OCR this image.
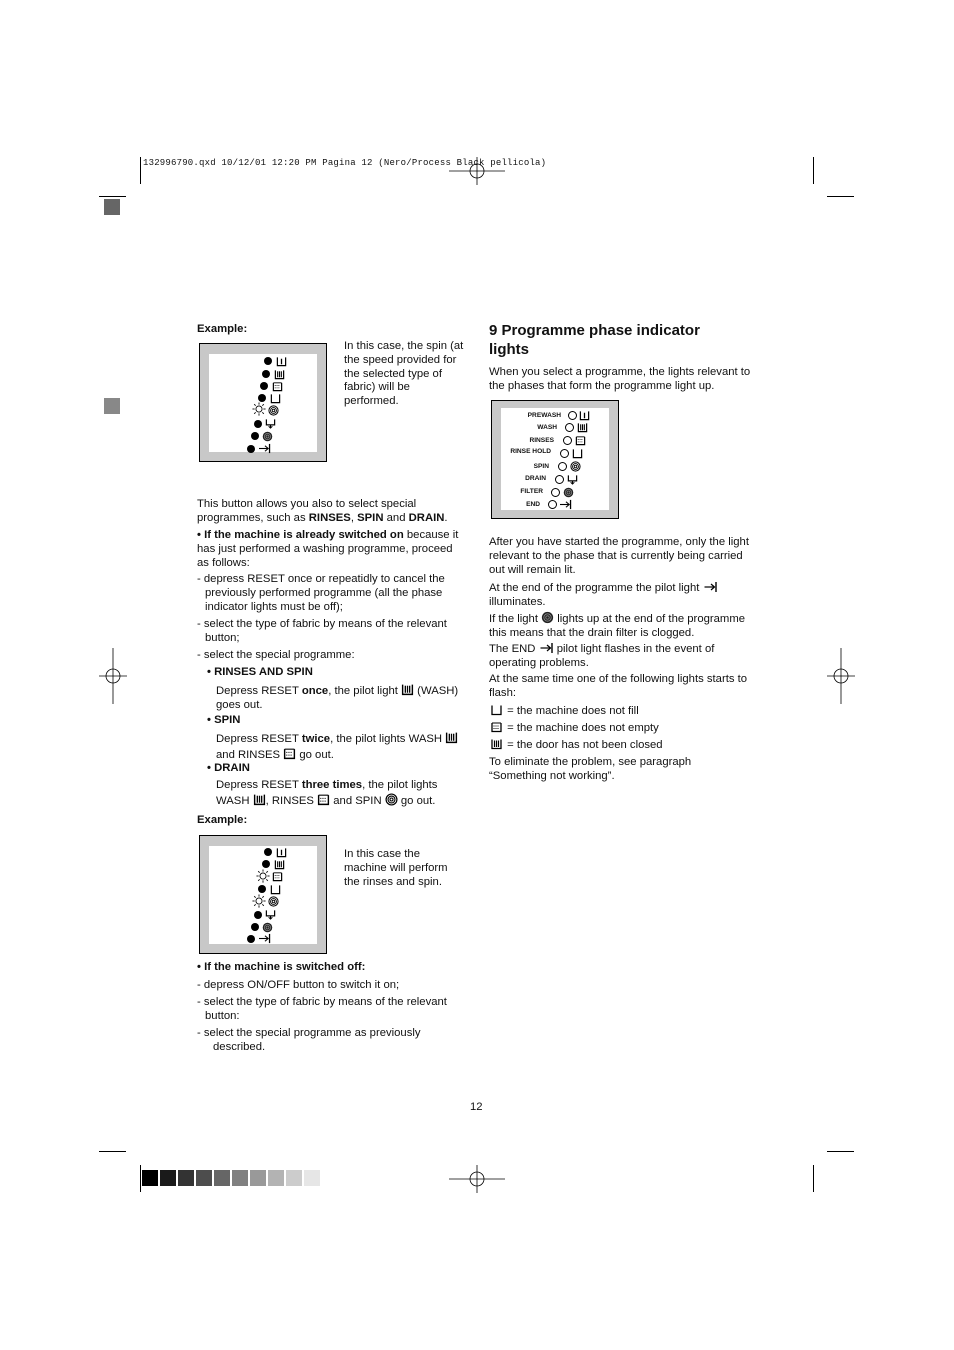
132996790.qxd 10/12/01 12:20 PM Pagina 12 (Nero/Process Black pellicola)
Example:
In this case, the spin (at the speed provided for the selected type of fabric) will be performed.
This button allows you also to select special programmes, such as RINSES, SPIN and DRAIN.
• If the machine is already switched on because it has just performed a washing programme, proceed as follows:
- depress RESET once or repeatidly to cancel the previously performed programme (all the phase indicator lights must be off);
- select the type of fabric by means of the relevant button;
- select the special programme:
• RINSES AND SPIN
Depress RESET once, the pilot light  (WASH) goes out.
• SPIN
Depress RESET twice, the pilot lights WASH  and RINSES  go out.
• DRAIN
Depress RESET three times, the pilot lights WASH , RINSES  and SPIN  go out.
Example:
In this case the machine will perform the rinses and spin.
• If the machine is switched off:
- depress ON/OFF button to switch it on;
- select the type of fabric by means of the relevant button:
- select the special programme as previously described.
9 Programme phase indicator lights
When you select a programme, the lights relevant to the phases that form the programme light up.
PREWASH
WASH
RINSES
RINSE HOLD
SPIN
DRAIN
FILTER
END
After you have started the programme, only the light relevant to the phase that is currently being carried out will remain lit.
At the end of the programme the pilot light  illuminates.
If the light  lights up at the end of the programme this means that the drain filter is clogged.
The END  pilot light flashes in the event of operating problems.
At the same time one of the following lights starts to flash:
= the machine does not fill
= the machine does not empty
= the door has not been closed
To eliminate the problem, see paragraph “Something not working”.
12
